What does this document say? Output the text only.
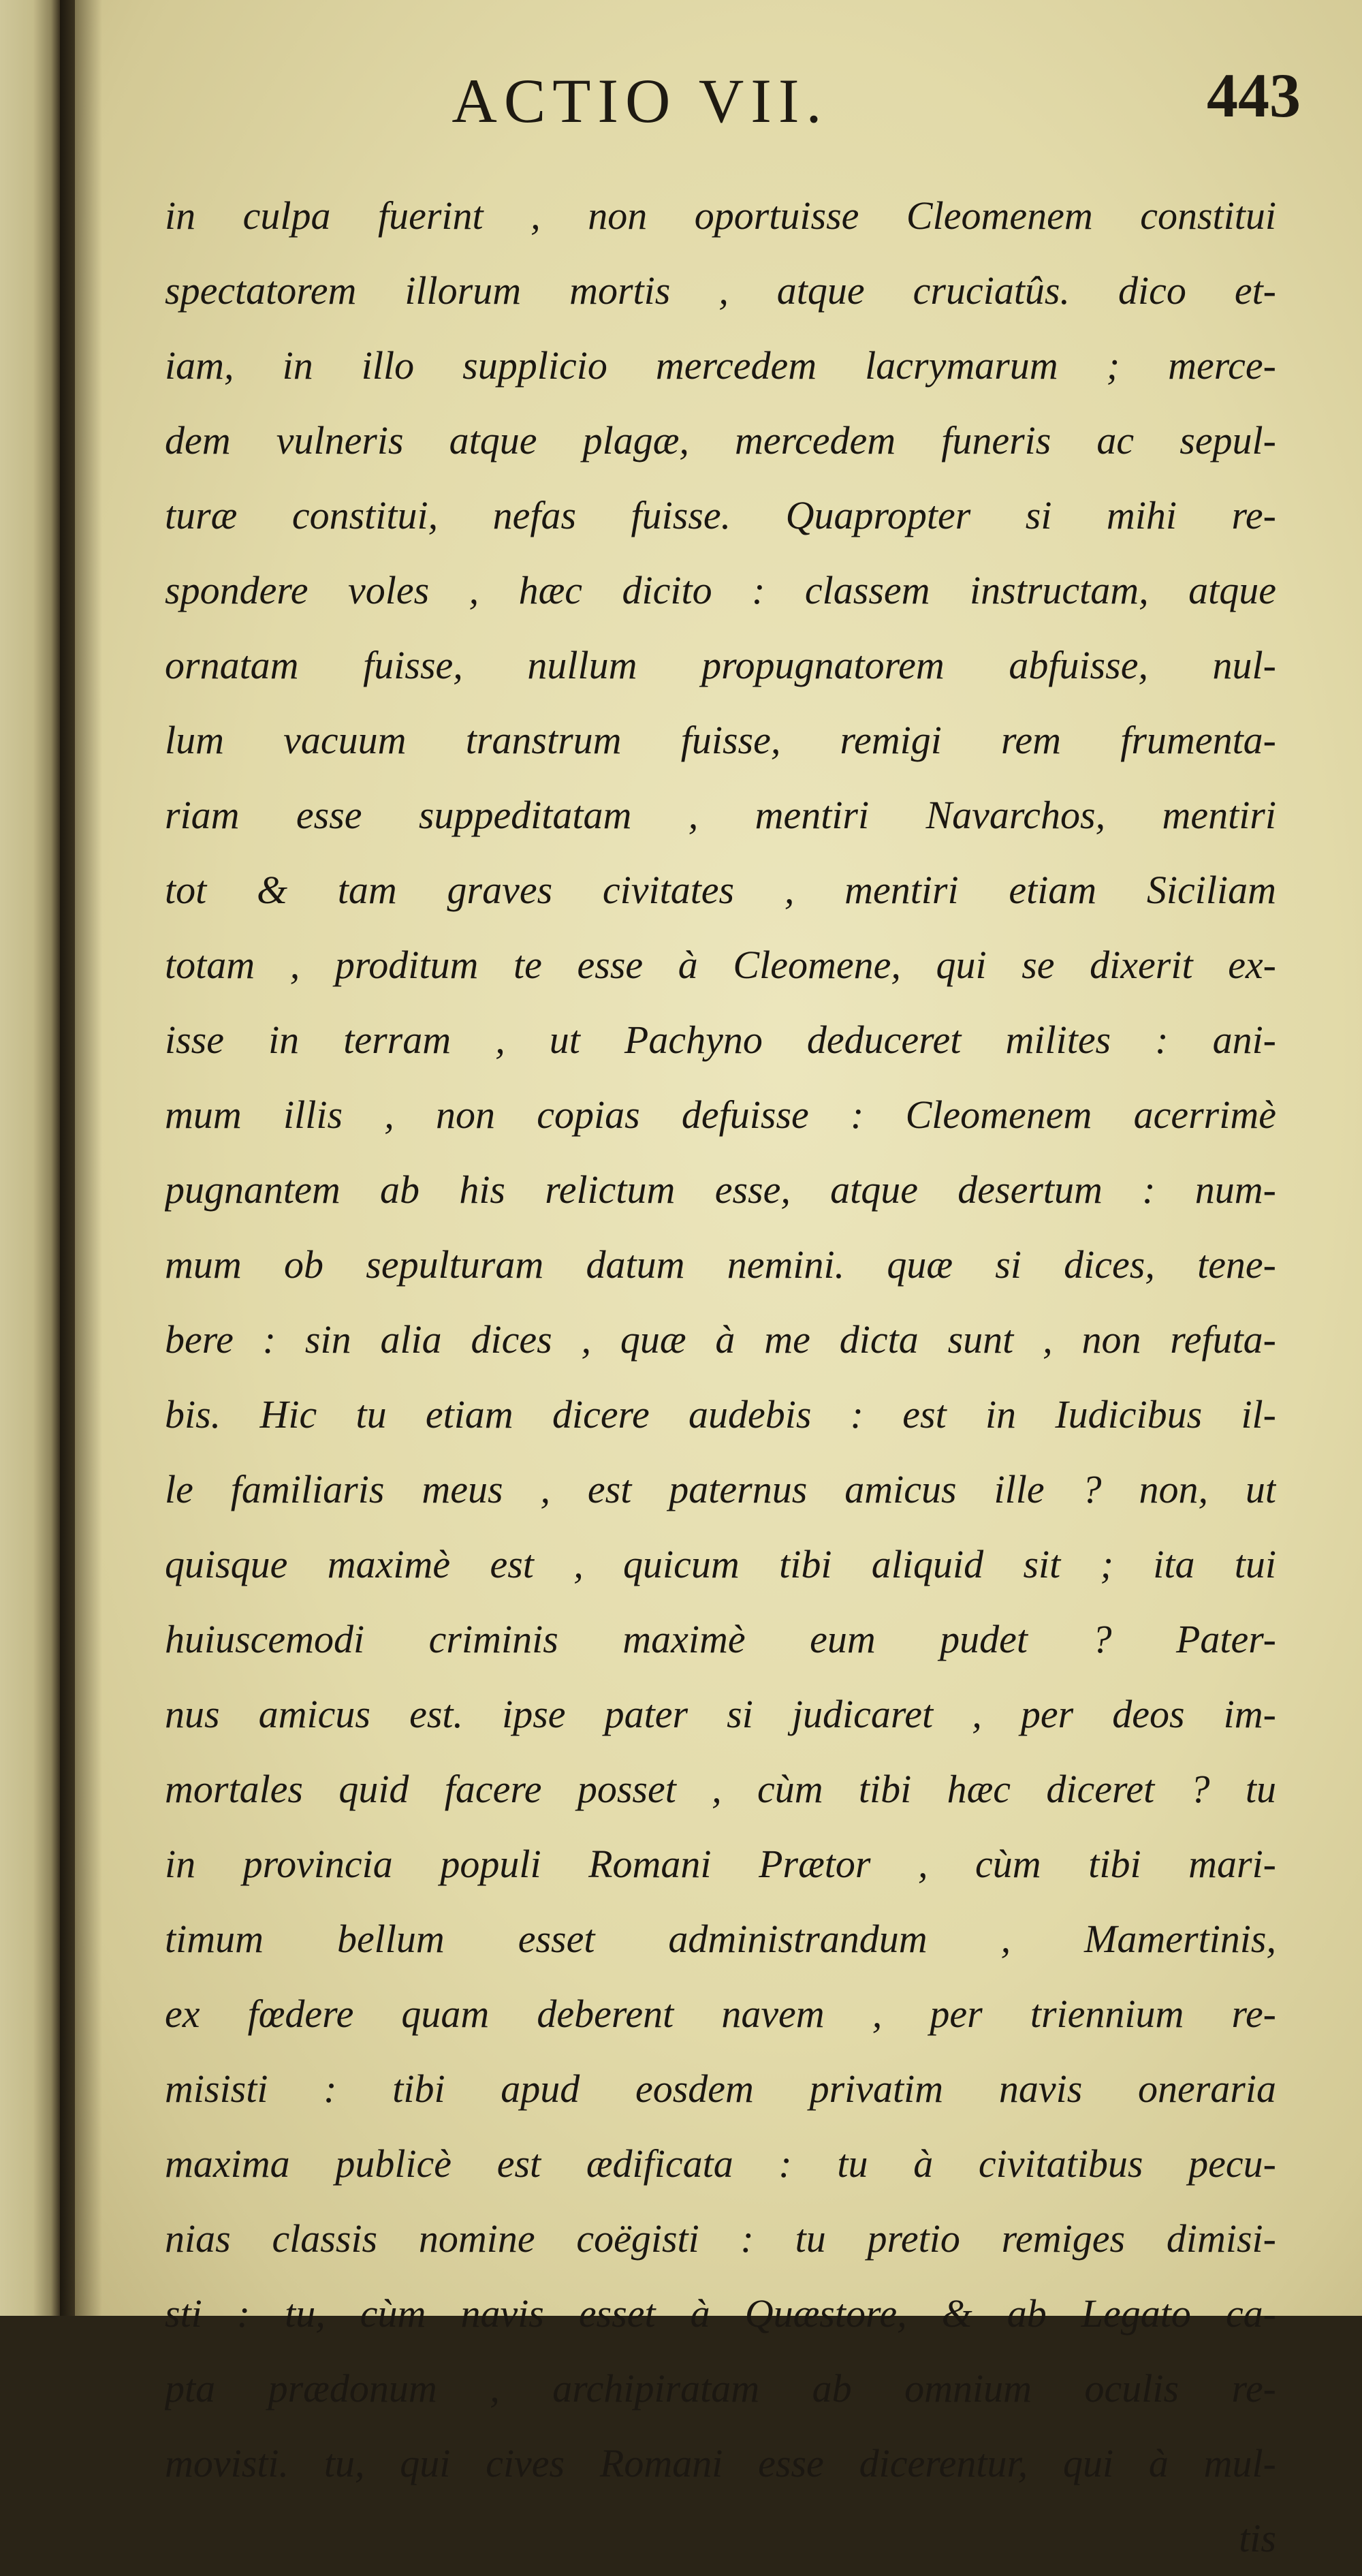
ACTIO VII.	443
in culpa fuerint , non oportuisse Cleomenem constitui
spectatorem illorum mortis , atque cruciatûs. dico et-
iam, in illo supplicio mercedem lacrymarum ; merce-
dem vulneris atque plagæ, mercedem funeris ac sepul-
turæ constitui, nefas fuisse. Quapropter si mihi re-
spondere voles , hæc dicito : classem instructam, atque
ornatam fuisse, nullum propugnatorem abfuisse, nul-
lum vacuum transtrum fuisse, remigi rem frumenta-
riam esse suppeditatam , mentiri Navarchos, mentiri
tot & tam graves civitates , mentiri etiam Siciliam
totam , proditum te esse à Cleomene, qui se dixerit ex-
isse in terram , ut Pachyno deduceret milites : ani-
mum illis , non copias defuisse : Cleomenem acerrimè
pugnantem ab his relictum esse, atque desertum : num-
mum ob sepulturam datum nemini. quæ si dices, tene-
bere : sin alia dices , quæ à me dicta sunt , non refuta-
bis. Hic tu etiam dicere audebis : est in Iudicibus il-
le familiaris meus , est paternus amicus ille ? non, ut
quisque maximè est , quicum tibi aliquid sit ; ita tui
huiuscemodi criminis maximè eum pudet ? Pater-
nus amicus est. ipse pater si judicaret , per deos im-
mortales quid facere posset , cùm tibi hæc diceret ? tu
in provincia populi Romani Prætor , cùm tibi mari-
timum bellum esset administrandum , Mamertinis,
ex fœdere quam deberent navem , per triennium re-
misisti : tibi apud eosdem privatim navis oneraria
maxima publicè est ædificata : tu à civitatibus pecu-
nias classis nomine coëgisti : tu pretio remiges dimisi-
sti : tu, cùm navis esset à Quæstore, & ab Legato ca-
pta prædonum , archipiratam ab omnium oculis re-
movisti. tu, qui cives Romani esse dicerentur, qui à mul-
tis
